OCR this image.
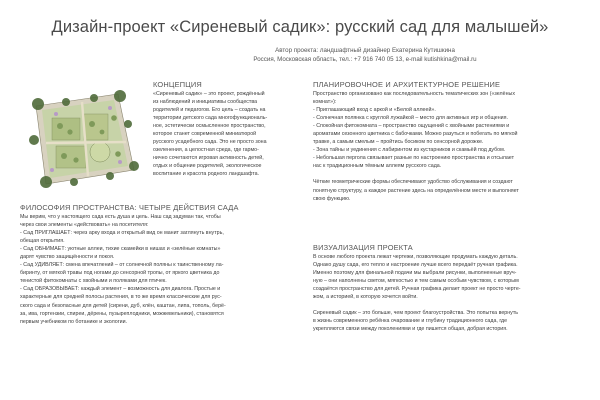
Дизайн-проект «Сиреневый садик»: русский сад для малышей»
Автор проекта: ландшафтный дизайнер Екатерина Кутишкина
Россия, Московская область, тел.: +7 916 740 05 13, e-mail kutishkina@mail.ru
КОНЦЕПЦИЯ

«Сиреневый садик» – это проект, рождённый

из наблюдений и инициативы сообщества

родителей и педагогов. Его цель – создать на

территории детского сада многофункциональ-

ное, эстетически осмысленное пространство,

которое станет современной миниатюрой

русского усадебного сада. Это не просто зона

озеленения, а целостная среда, где гармо-

нично сочетаются игровая активность детей,

отдых и общение родителей, экологическое

воспитание и красота родного ландшафта.

ФИЛОСОФИЯ ПРОСТРАНСТВА: ЧЕТЫРЕ ДЕЙСТВИЯ САДА

Мы верим, что у настоящего сада есть душа и цель. Наш сад задуман так, чтобы

через свои элементы «действовать» на посетителя:

- Сад ПРИГЛАШАЕТ: через арку входа и открытый вид он манит заглянуть внутрь,

обещая открытия.

- Сад ОБНИМАЕТ: уютные аллеи, тихие скамейки в нишах и «зелёные комнаты»

дарят чувство защищённости и покоя.

- Сад УДИВЛЯЕТ: смена впечатлений – от солнечной поляны к таинственному ла-

биринту, от мягкой травы под ногами до сенсорной тропы, от яркого цветника до

тенистой фитокомнаты с хвойными и поляками для птичек.

- Сад ОБРАЗОВЫВАЕТ: каждый элемент – возможность для диалога. Простые и

характерные для средней полосы растения, в то же время классические для рус-

ского сада и безопасные для детей (сирени, дуб, клён, каштан, липа, тополь, берё-

за, ива, гортензии, спиреи, дёрены, пузыреплодники, можжевельники), становятся

первым учебником по ботанике и экологии.

ПЛАНИРОВОЧНОЕ И АРХИТЕКТУРНОЕ РЕШЕНИЕ

Пространство организовано как последовательность тематических зон («зелёных

комнат»):

- Приглашающий вход с аркой и «Белой аллеей».

- Солнечная полянка с круглой лужайкой – место для активных игр и общения.

- Спокойная фитокомната – пространство ощущений с хвойными растениями и

ароматами сезонного цветника с бабочками. Можно разуться и побегать по мягкой

травке, а самым смелым – пройтись босиком по сенсорной дорожке.

- Зона тайны и уединения с лабиринтом из кустарников и скамьёй под дубом.

- Небольшая пергола связывает разные по настроению пространства и отсылает

нас к традиционным тёмным аллеям русского сада.

Чёткие геометрические формы обеспечивают удобство обслуживания и создают

понятную структуру, а каждое растение здесь на определённом месте и выполняет

свою функцию.

ВИЗУАЛИЗАЦИЯ ПРОЕКТА

В основе любого проекта лежат чертежи, позволяющие продумать каждую деталь.

Однако душу сада, его тепло и настроение лучше всего передаёт ручная графика.

Именно поэтому для финальной подачи мы выбрали рисунки, выполненные вруч-

ную – они наполнены светом, мягкостью и тем самым особым чувством, с которым

создаётся пространство для детей. Ручная графика делает проект не просто черте-

жом, а историей, в которую хочется войти.

Сиреневый садик – это больше, чем проект благоустройства. Это попытка вернуть

в жизнь современного ребёнка очарование и глубину традиционного сада, где

укрепляются связи между поколениями и где пишется общая, добрая история.
